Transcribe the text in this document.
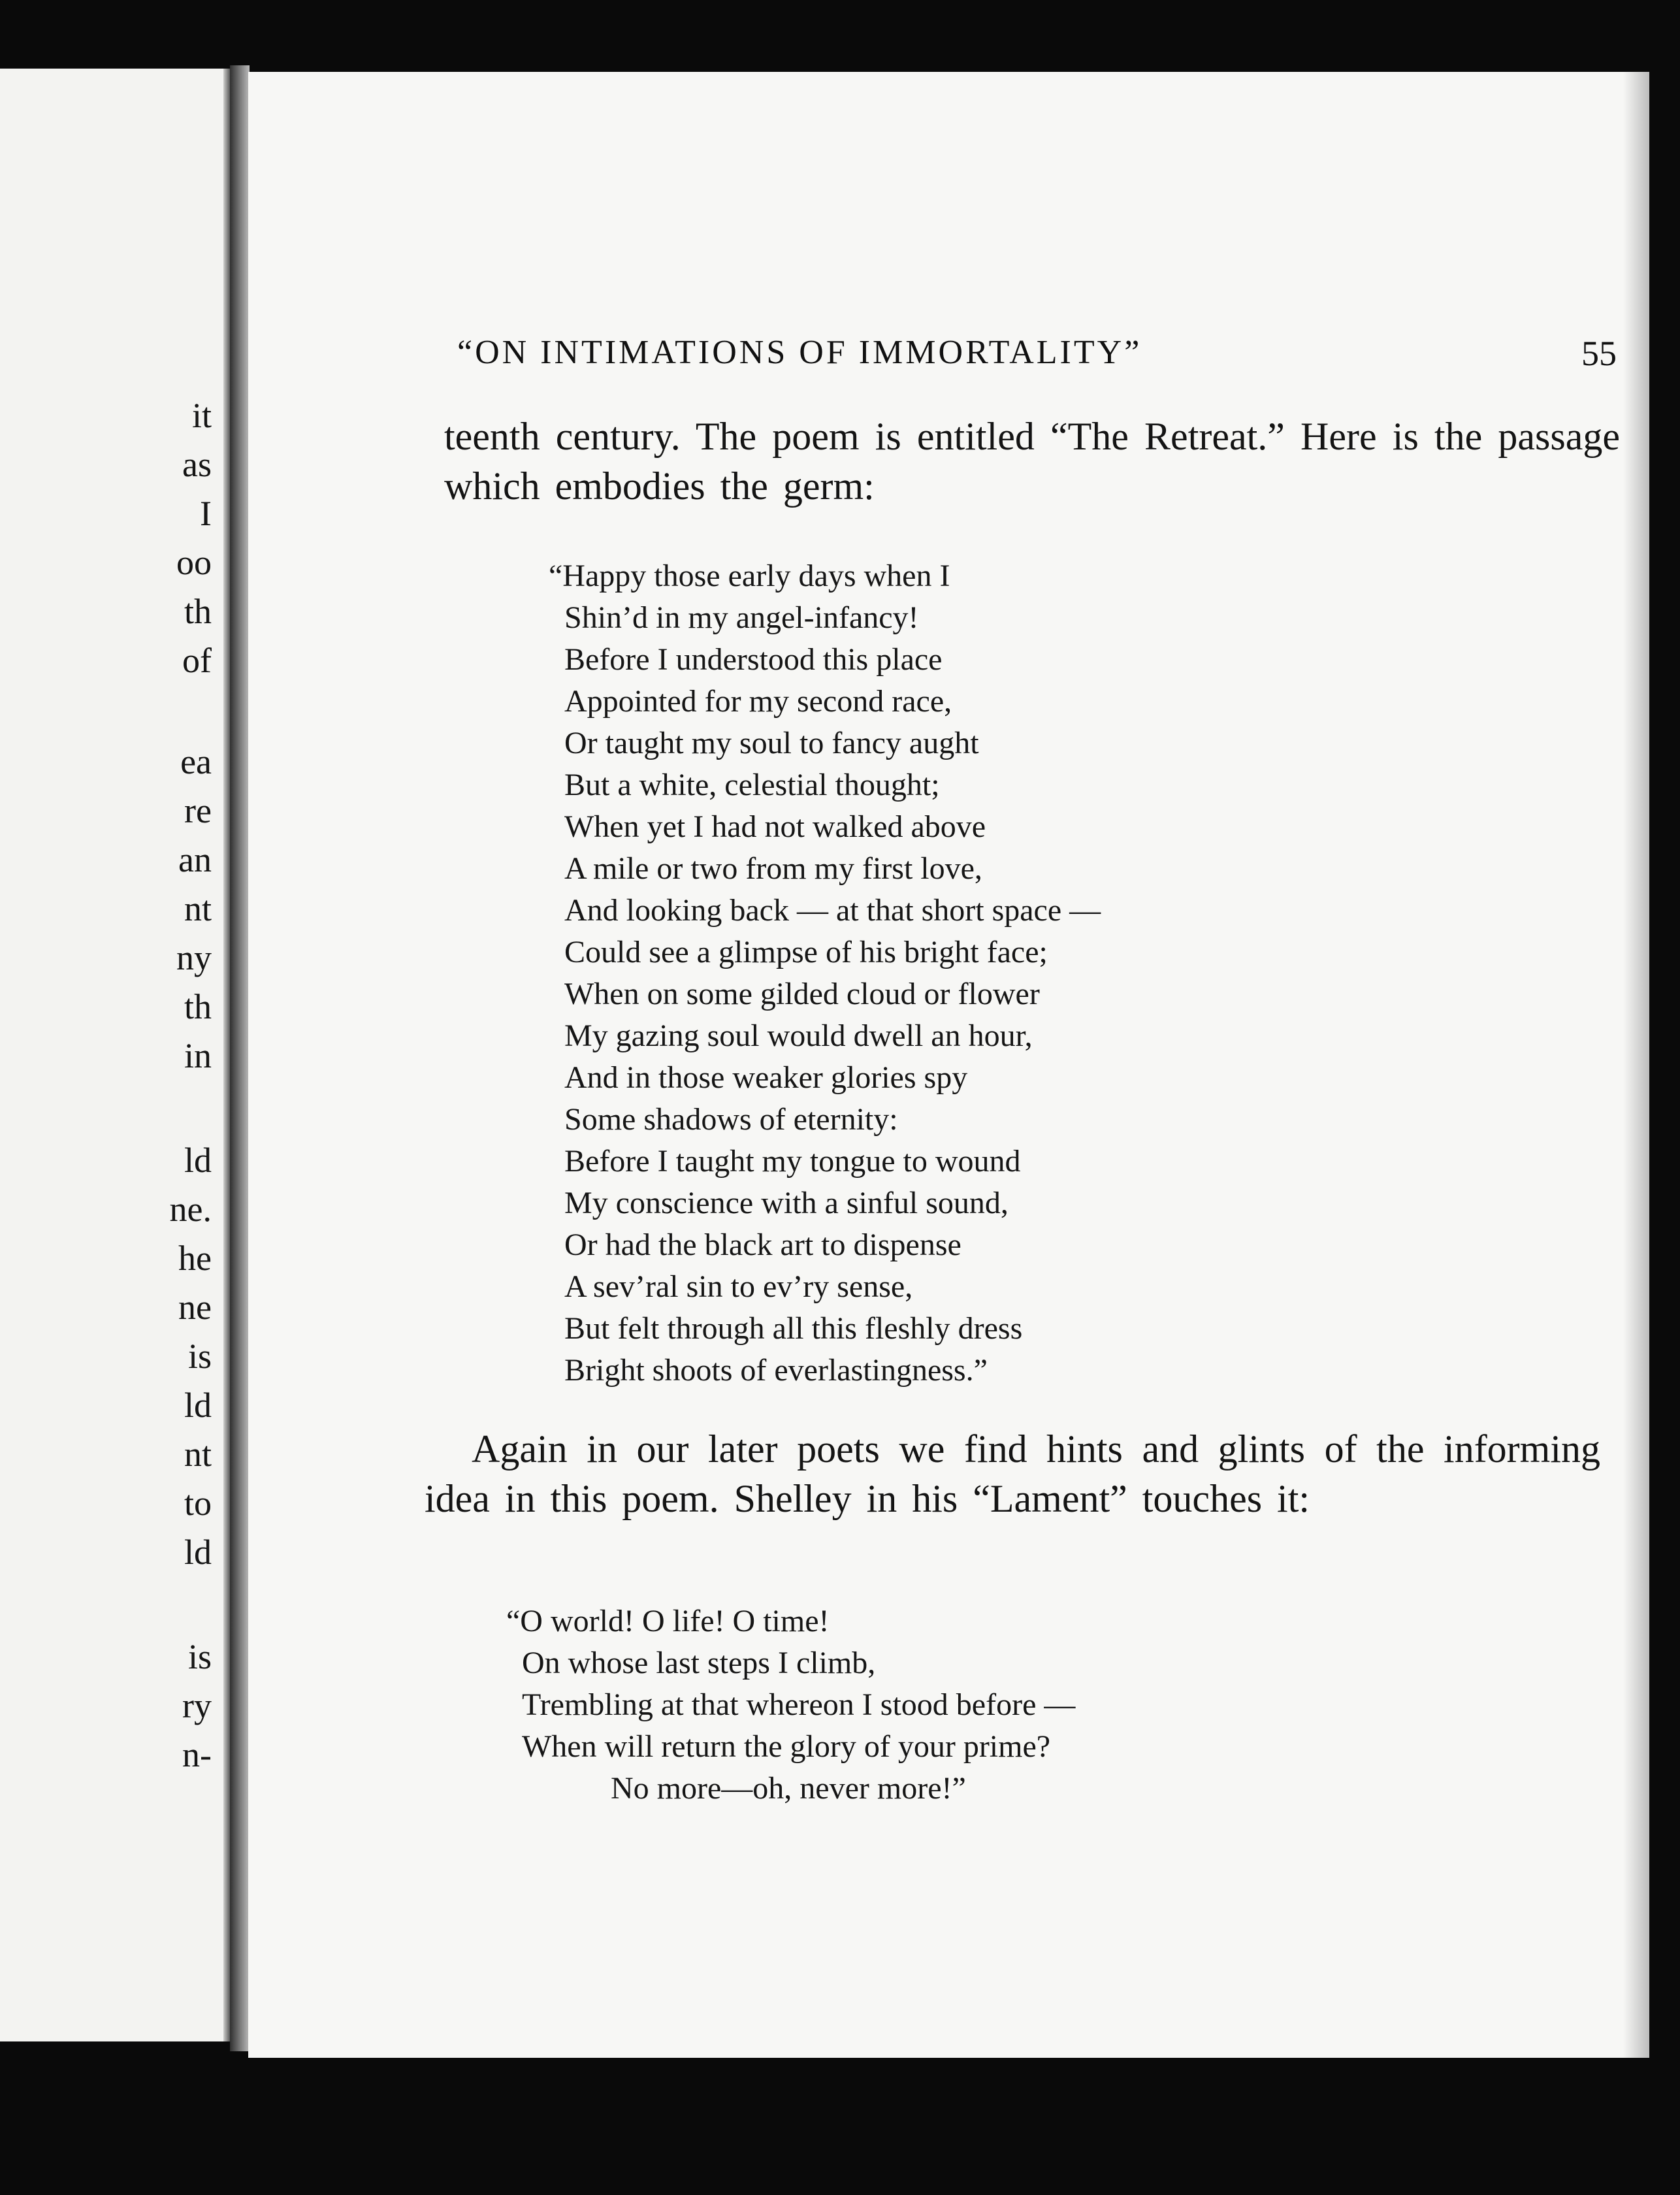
it
as
I
oo
th
of
ea
re
an
nt
ny
th
in
ld
ne.
he
ne
is
ld
nt
to
ld
is
ry
n-
“ON INTIMATIONS OF IMMORTALITY”	55

teenth century. The poem is entitled “The Retreat.” Here is the passage which embodies the germ:

“Happy those early days when I
Shin’d in my angel-infancy!
Before I understood this place
Appointed for my second race,
Or taught my soul to fancy aught
But a white, celestial thought;
When yet I had not walked above
A mile or two from my first love,
And looking back — at that short space —
Could see a glimpse of his bright face;
When on some gilded cloud or flower
My gazing soul would dwell an hour,
And in those weaker glories spy
Some shadows of eternity:
Before I taught my tongue to wound
My conscience with a sinful sound,
Or had the black art to dispense
A sev’ral sin to ev’ry sense,
But felt through all this fleshly dress
Bright shoots of everlastingness.”

Again in our later poets we find hints and glints of the informing idea in this poem. Shelley in his “Lament” touches it:

“O world! O life! O time!
On whose last steps I climb,
Trembling at that whereon I stood before —
When will return the glory of your prime?
No more—oh, never more!”
